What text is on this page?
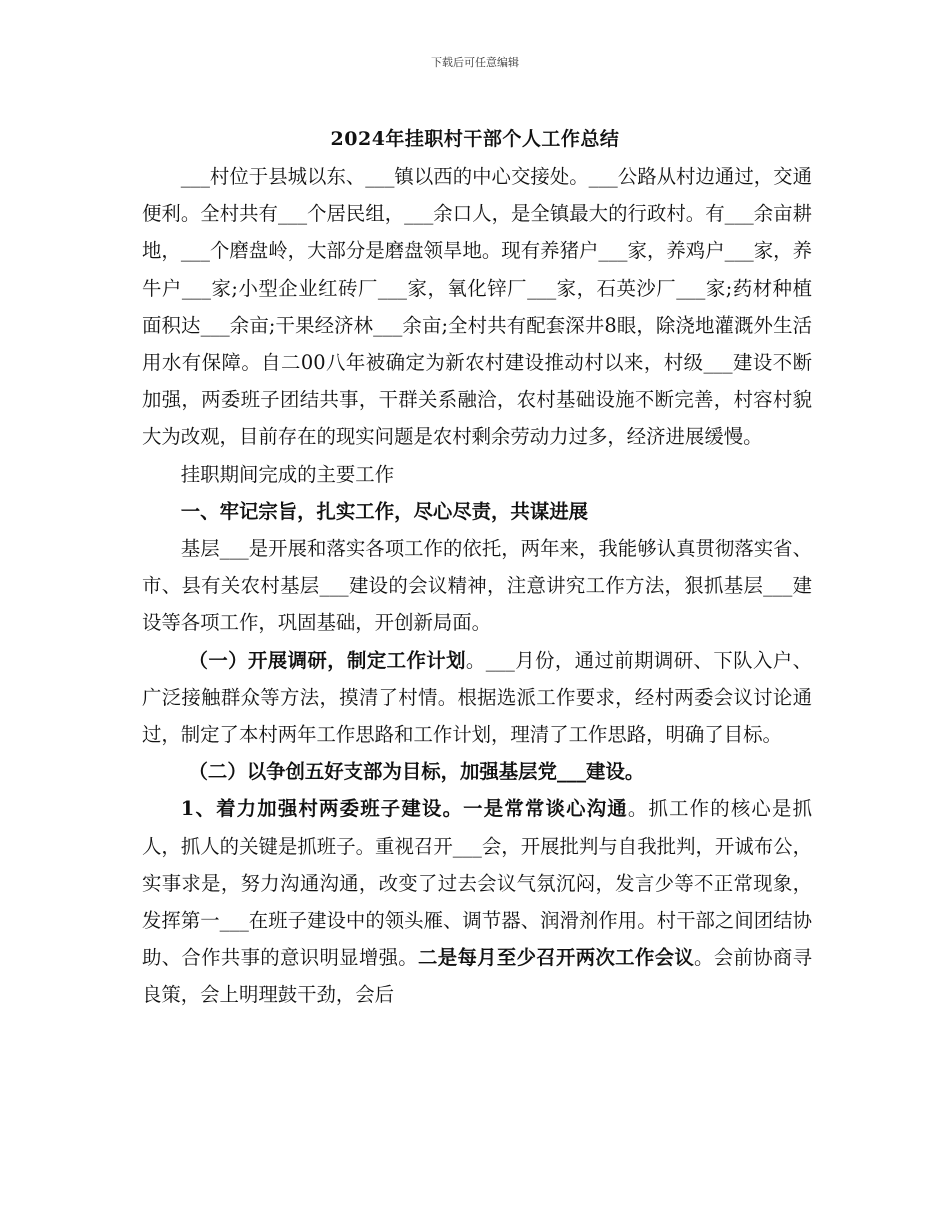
下载后可任意编辑
2024年挂职村干部个人工作总结

___村位于县城以东、___镇以西的中心交接处。___公路从村边通过，交通便利。全村共有___个居民组，___余口人，是全镇最大的行政村。有___余亩耕地，___个磨盘岭，大部分是磨盘领旱地。现有养猪户___家，养鸡户___家，养牛户___家;小型企业红砖厂___家，氧化锌厂___家，石英沙厂___家;药材种植面积达___余亩;干果经济林___余亩;全村共有配套深井8眼，除浇地灌溉外生活用水有保障。自二00八年被确定为新农村建设推动村以来，村级___建设不断加强，两委班子团结共事，干群关系融洽，农村基础设施不断完善，村容村貌大为改观，目前存在的现实问题是农村剩余劳动力过多，经济进展缓慢。

挂职期间完成的主要工作

一、牢记宗旨，扎实工作，尽心尽责，共谋进展

基层___是开展和落实各项工作的依托，两年来，我能够认真贯彻落实省、市、县有关农村基层___建设的会议精神，注意讲究工作方法，狠抓基层___建设等各项工作，巩固基础，开创新局面。

（一）开展调研，制定工作计划。___月份，通过前期调研、下队入户、广泛接触群众等方法，摸清了村情。根据选派工作要求，经村两委会议讨论通过，制定了本村两年工作思路和工作计划，理清了工作思路，明确了目标。

（二）以争创五好支部为目标，加强基层党___建设。

1、着力加强村两委班子建设。一是常常谈心沟通。抓工作的核心是抓人，抓人的关键是抓班子。重视召开___会，开展批判与自我批判，开诚布公，实事求是，努力沟通沟通，改变了过去会议气氛沉闷，发言少等不正常现象，发挥第一___在班子建设中的领头雁、调节器、润滑剂作用。村干部之间团结协助、合作共事的意识明显增强。二是每月至少召开两次工作会议。会前协商寻良策，会上明理鼓干劲，会后
